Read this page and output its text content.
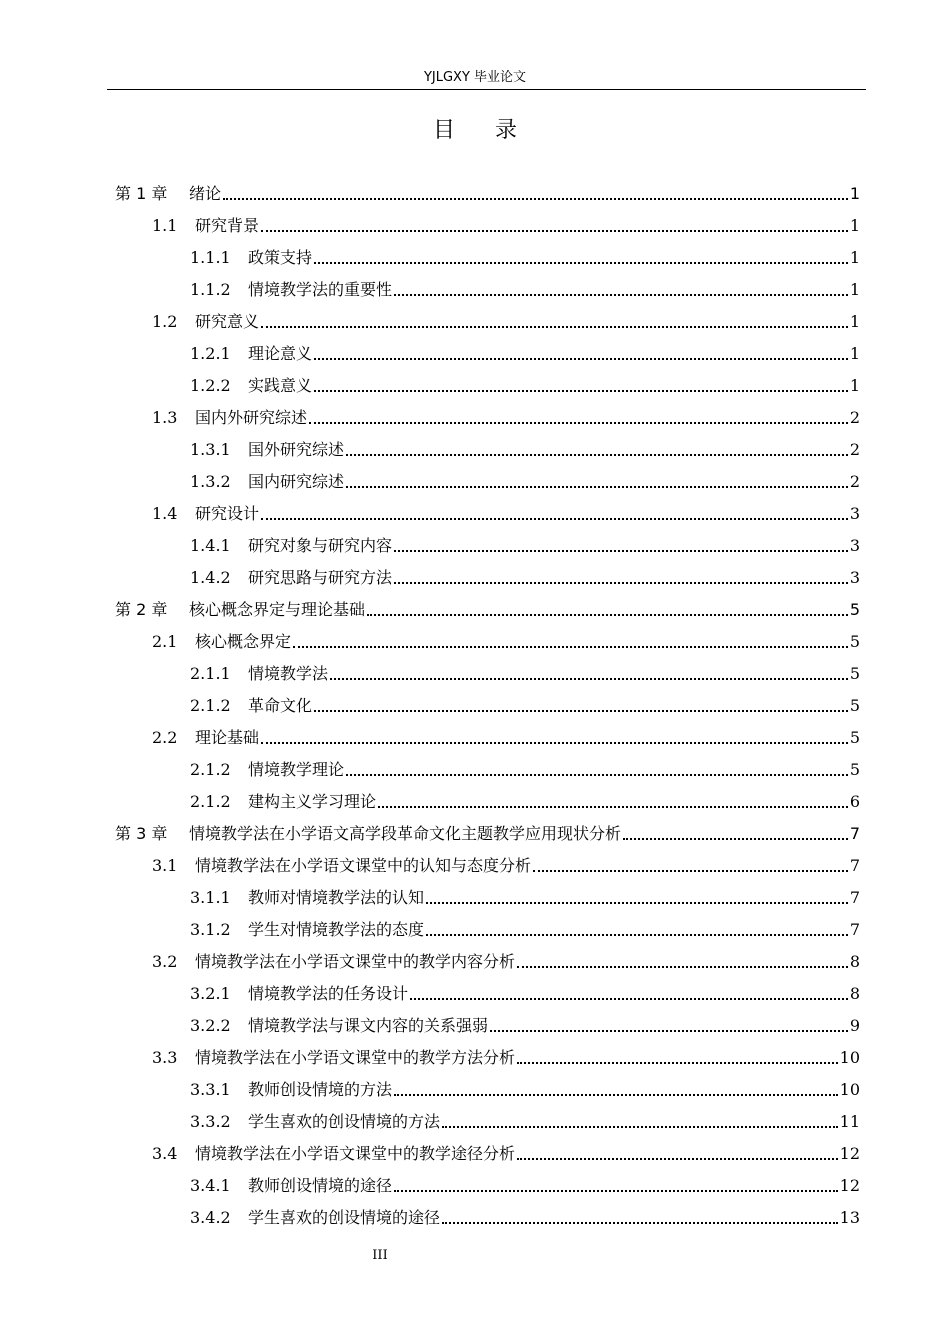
YJLGXY 毕业论文
目录
第 1 章	绪论	1
1.1	研究背景	1
1.1.1	政策支持	1
1.1.2	情境教学法的重要性	1
1.2	研究意义	1
1.2.1	理论意义	1
1.2.2	实践意义	1
1.3	国内外研究综述	2
1.3.1	国外研究综述	2
1.3.2	国内研究综述	2
1.4	研究设计	3
1.4.1	研究对象与研究内容	3
1.4.2	研究思路与研究方法	3
第 2 章	核心概念界定与理论基础	5
2.1	核心概念界定	5
2.1.1	情境教学法	5
2.1.2	革命文化	5
2.2	理论基础	5
2.1.2	情境教学理论	5
2.1.2	建构主义学习理论	6
第 3 章	情境教学法在小学语文高学段革命文化主题教学应用现状分析	7
3.1	情境教学法在小学语文课堂中的认知与态度分析	7
3.1.1	教师对情境教学法的认知	7
3.1.2	学生对情境教学法的态度	7
3.2	情境教学法在小学语文课堂中的教学内容分析	8
3.2.1	情境教学法的任务设计	8
3.2.2	情境教学法与课文内容的关系强弱	9
3.3	情境教学法在小学语文课堂中的教学方法分析	10
3.3.1	教师创设情境的方法	10
3.3.2	学生喜欢的创设情境的方法	11
3.4	情境教学法在小学语文课堂中的教学途径分析	12
3.4.1	教师创设情境的途径	12
3.4.2	学生喜欢的创设情境的途径	13
III
